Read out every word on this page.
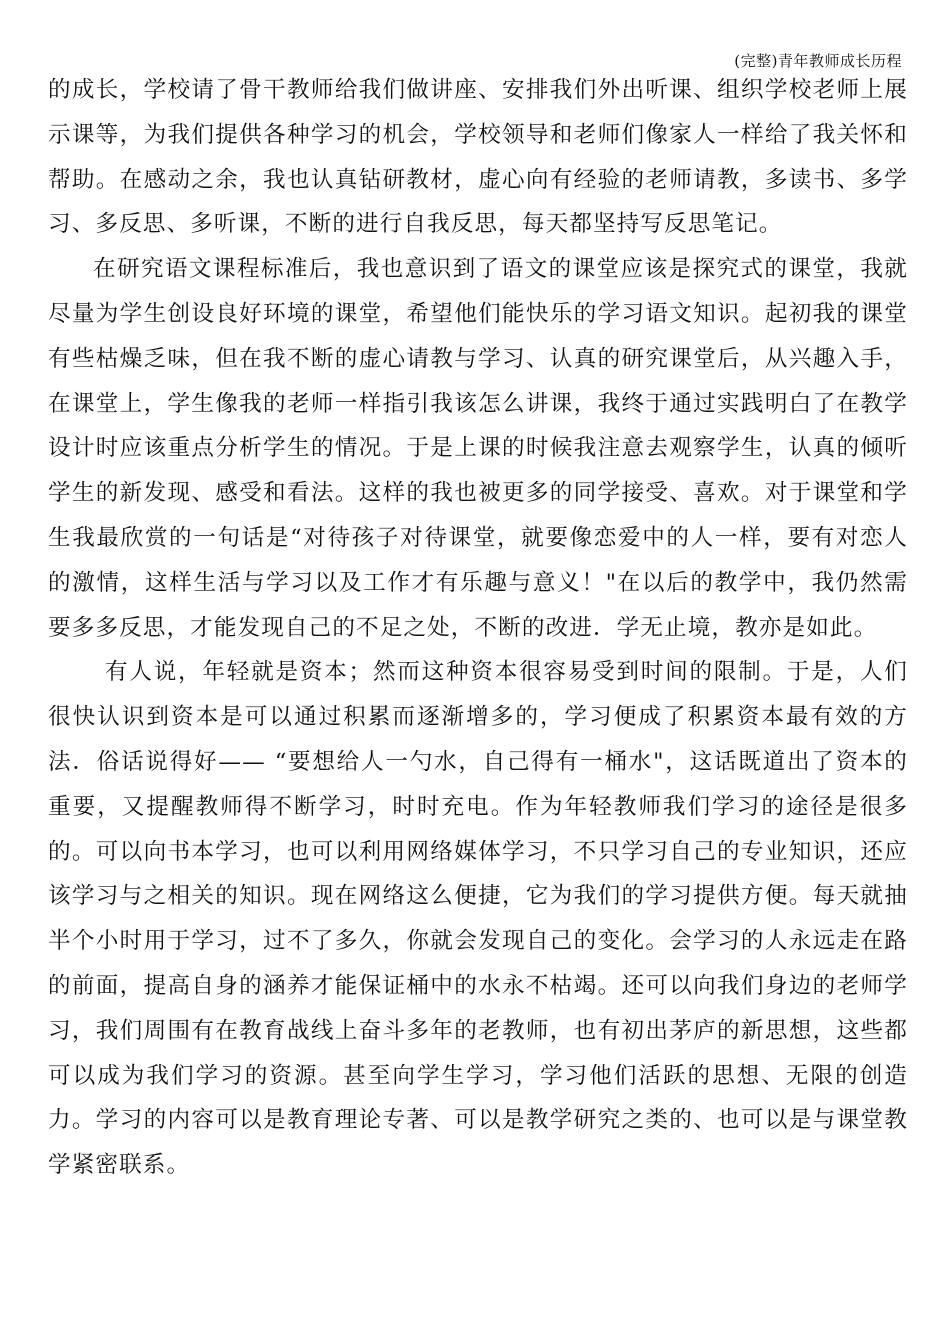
(完整)青年教师成长历程

的成长，学校请了骨干教师给我们做讲座、安排我们外出听课、组织学校老师上展示课等，为我们提供各种学习的机会，学校领导和老师们像家人一样给了我关怀和帮助。在感动之余，我也认真钻研教材，虚心向有经验的老师请教，多读书、多学习、多反思、多听课，不断的进行自我反思，每天都坚持写反思笔记。

在研究语文课程标准后，我也意识到了语文的课堂应该是探究式的课堂，我就尽量为学生创设良好环境的课堂，希望他们能快乐的学习语文知识。起初我的课堂有些枯燥乏味，但在我不断的虚心请教与学习、认真的研究课堂后，从兴趣入手，在课堂上，学生像我的老师一样指引我该怎么讲课，我终于通过实践明白了在教学设计时应该重点分析学生的情况。于是上课的时候我注意去观察学生，认真的倾听学生的新发现、感受和看法。这样的我也被更多的同学接受、喜欢。对于课堂和学生我最欣赏的一句话是“对待孩子对待课堂，就要像恋爱中的人一样，要有对恋人的激情，这样生活与学习以及工作才有乐趣与意义！"在以后的教学中，我仍然需要多多反思，才能发现自己的不足之处，不断的改进．学无止境，教亦是如此。

有人说，年轻就是资本；然而这种资本很容易受到时间的限制。于是，人们很快认识到资本是可以通过积累而逐渐增多的，学习便成了积累资本最有效的方法．俗话说得好—— “要想给人一勺水，自己得有一桶水"，这话既道出了资本的重要，又提醒教师得不断学习，时时充电。作为年轻教师我们学习的途径是很多的。可以向书本学习，也可以利用网络媒体学习，不只学习自己的专业知识，还应该学习与之相关的知识。现在网络这么便捷，它为我们的学习提供方便。每天就抽半个小时用于学习，过不了多久，你就会发现自己的变化。会学习的人永远走在路的前面，提高自身的涵养才能保证桶中的水永不枯竭。还可以向我们身边的老师学习，我们周围有在教育战线上奋斗多年的老教师，也有初出茅庐的新思想，这些都可以成为我们学习的资源。甚至向学生学习，学习他们活跃的思想、无限的创造力。学习的内容可以是教育理论专著、可以是教学研究之类的、也可以是与课堂教学紧密联系。
